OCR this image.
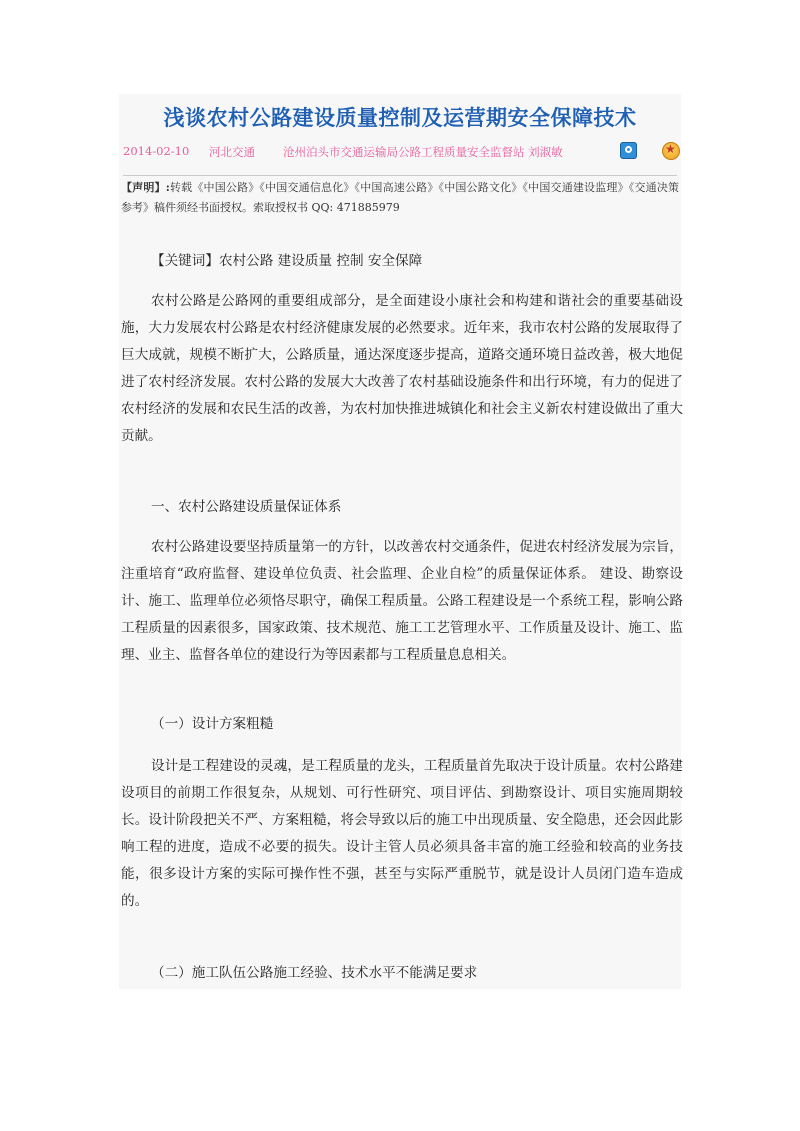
浅谈农村公路建设质量控制及运营期安全保障技术
2014-02-10 河北交通 沧州泊头市交通运输局公路工程质量安全监督站 刘淑敏
★
【声明】:转载《中国公路》《中国交通信息化》《中国高速公路》《中国公路文化》《中国交通建设监理》《交通决策参考》稿件须经书面授权。索取授权书 QQ: 471885979

【关键词】农村公路 建设质量 控制 安全保障

农村公路是公路网的重要组成部分，是全面建设小康社会和构建和谐社会的重要基础设施，大力发展农村公路是农村经济健康发展的必然要求。近年来，我市农村公路的发展取得了巨大成就，规模不断扩大，公路质量，通达深度逐步提高，道路交通环境日益改善，极大地促进了农村经济发展。农村公路的发展大大改善了农村基础设施条件和出行环境，有力的促进了农村经济的发展和农民生活的改善，为农村加快推进城镇化和社会主义新农村建设做出了重大贡献。

一、农村公路建设质量保证体系

农村公路建设要坚持质量第一的方针，以改善农村交通条件，促进农村经济发展为宗旨，注重培育“政府监督、建设单位负责、社会监理、企业自检”的质量保证体系。 建设、勘察设计、施工、监理单位必须恪尽职守，确保工程质量。公路工程建设是一个系统工程，影响公路工程质量的因素很多，国家政策、技术规范、施工工艺管理水平、工作质量及设计、施工、监理、业主、监督各单位的建设行为等因素都与工程质量息息相关。

（一）设计方案粗糙

设计是工程建设的灵魂，是工程质量的龙头，工程质量首先取决于设计质量。农村公路建设项目的前期工作很复杂，从规划、可行性研究、项目评估、到勘察设计、项目实施周期较长。设计阶段把关不严、方案粗糙，将会导致以后的施工中出现质量、安全隐患，还会因此影响工程的进度，造成不必要的损失。设计主管人员必须具备丰富的施工经验和较高的业务技能，很多设计方案的实际可操作性不强，甚至与实际严重脱节，就是设计人员闭门造车造成的。

（二）施工队伍公路施工经验、技术水平不能满足要求
